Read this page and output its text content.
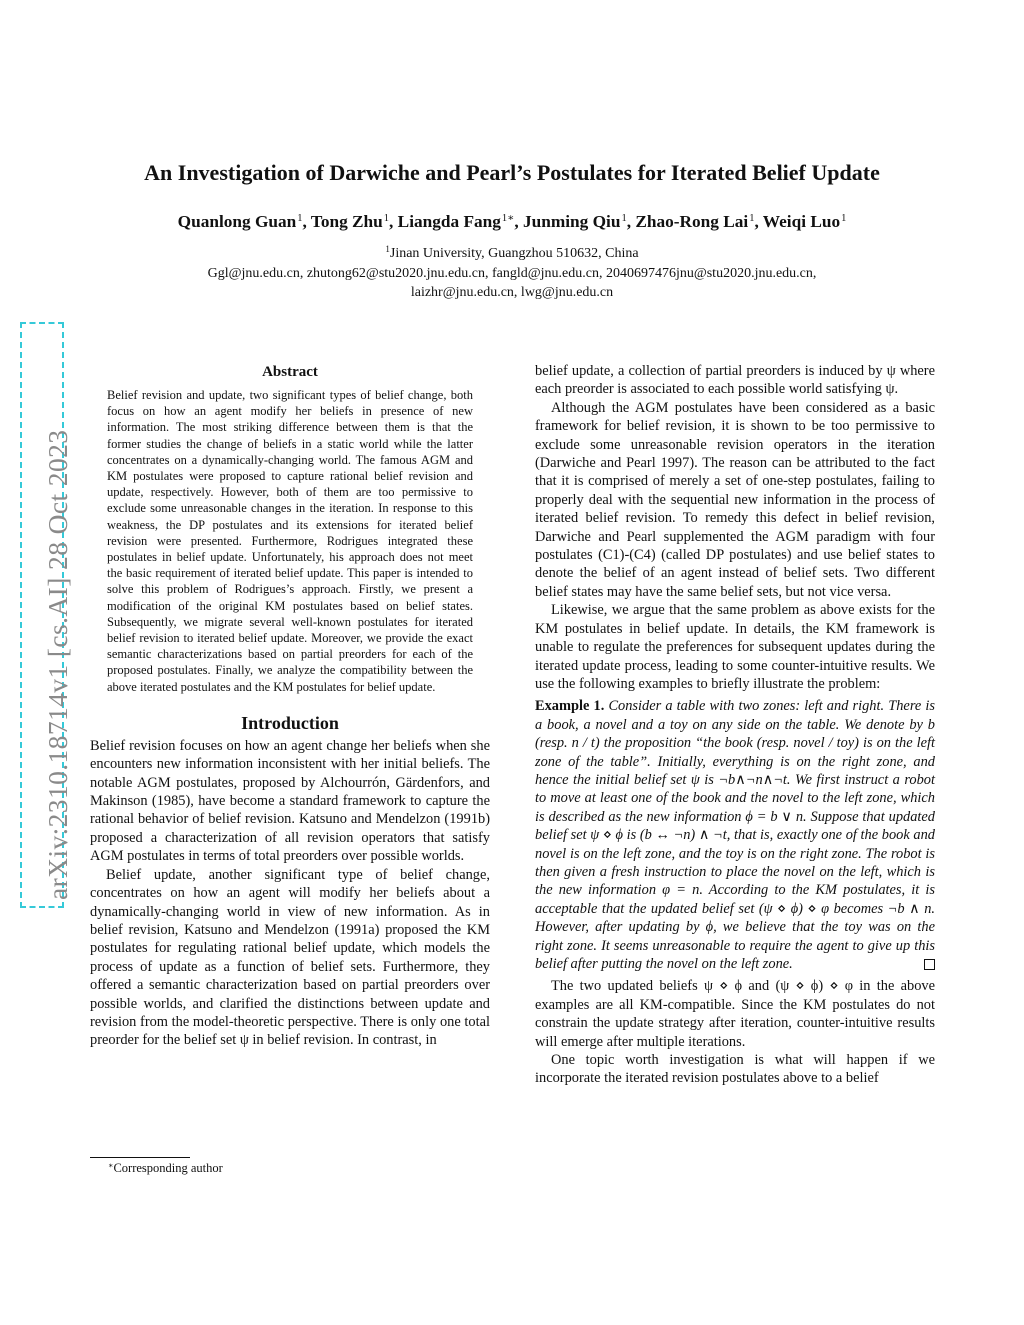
arXiv:2310.18714v1 [cs.AI] 28 Oct 2023
An Investigation of Darwiche and Pearl’s Postulates for Iterated Belief Update
Quanlong Guan$^1$, Tong Zhu$^1$, Liangda Fang$^{1∗}$, Junming Qiu$^1$, Zhao-Rong Lai$^1$, Weiqi Luo$^1$
$^1$Jinan University, Guangzhou 510632, China
Ggl@jnu.edu.cn, zhutong62@stu2020.jnu.edu.cn, fangld@jnu.edu.cn, 2040697476jnu@stu2020.jnu.edu.cn,
laizhr@jnu.edu.cn, lwg@jnu.edu.cn
Abstract
Belief revision and update, two significant types of belief change, both focus on how an agent modify her beliefs in presence of new information. The most striking difference between them is that the former studies the change of beliefs in a static world while the latter concentrates on a dynamically-changing world. The famous AGM and KM postulates were proposed to capture rational belief revision and update, respectively. However, both of them are too permissive to exclude some unreasonable changes in the iteration. In response to this weakness, the DP postulates and its extensions for iterated belief revision were presented. Furthermore, Rodrigues integrated these postulates in belief update. Unfortunately, his approach does not meet the basic requirement of iterated belief update. This paper is intended to solve this problem of Rodrigues’s approach. Firstly, we present a modification of the original KM postulates based on belief states. Subsequently, we migrate several well-known postulates for iterated belief revision to iterated belief update. Moreover, we provide the exact semantic characterizations based on partial preorders for each of the proposed postulates. Finally, we analyze the compatibility between the above iterated postulates and the KM postulates for belief update.
Introduction

Belief revision focuses on how an agent change her beliefs when she encounters new information inconsistent with her initial beliefs. The notable AGM postulates, proposed by Alchourrón, Gärdenfors, and Makinson (1985), have become a standard framework to capture the rational behavior of belief revision. Katsuno and Mendelzon (1991b) proposed a characterization of all revision operators that satisfy AGM postulates in terms of total preorders over possible worlds.

Belief update, another significant type of belief change, concentrates on how an agent will modify her beliefs about a dynamically-changing world in view of new information. As in belief revision, Katsuno and Mendelzon (1991a) proposed the KM postulates for regulating rational belief update, which models the process of update as a function of belief sets. Furthermore, they offered a semantic characterization based on partial preorders over possible worlds, and clarified the distinctions between update and revision from the model-theoretic perspective. There is only one total preorder for the belief set ψ in belief revision. In contrast, in

belief update, a collection of partial preorders is induced by ψ where each preorder is associated to each possible world satisfying ψ.

Although the AGM postulates have been considered as a basic framework for belief revision, it is shown to be too permissive to exclude some unreasonable revision operators in the iteration (Darwiche and Pearl 1997). The reason can be attributed to the fact that it is comprised of merely a set of one-step postulates, failing to properly deal with the sequential new information in the process of iterated belief revision. To remedy this defect in belief revision, Darwiche and Pearl supplemented the AGM paradigm with four postulates (C1)-(C4) (called DP postulates) and use belief states to denote the belief of an agent instead of belief sets. Two different belief states may have the same belief sets, but not vice versa.

Likewise, we argue that the same problem as above exists for the KM postulates in belief update. In details, the KM framework is unable to regulate the preferences for subsequent updates during the iterated update process, leading to some counter-intuitive results. We use the following examples to briefly illustrate the problem:

Example 1. Consider a table with two zones: left and right. There is a book, a novel and a toy on any side on the table. We denote by b (resp. n / t) the proposition “the book (resp. novel / toy) is on the left zone of the table”. Initially, everything is on the right zone, and hence the initial belief set ψ is ¬b∧¬n∧¬t. We first instruct a robot to move at least one of the book and the novel to the left zone, which is described as the new information ϕ = b ∨ n. Suppose that updated belief set ψ ⋄ ϕ is (b ↔ ¬n) ∧ ¬t, that is, exactly one of the book and novel is on the left zone, and the toy is on the right zone. The robot is then given a fresh instruction to place the novel on the left, which is the new information φ = n. According to the KM postulates, it is acceptable that the updated belief set (ψ ⋄ ϕ) ⋄ φ becomes ¬b ∧ n. However, after updating by ϕ, we believe that the toy was on the right zone. It seems unreasonable to require the agent to give up this belief after putting the novel on the left zone.

The two updated beliefs ψ ⋄ ϕ and (ψ ⋄ ϕ) ⋄ φ in the above examples are all KM-compatible. Since the KM postulates do not constrain the update strategy after iteration, counter-intuitive results will emerge after multiple iterations.

One topic worth investigation is what will happen if we incorporate the iterated revision postulates above to a belief

∗Corresponding author
